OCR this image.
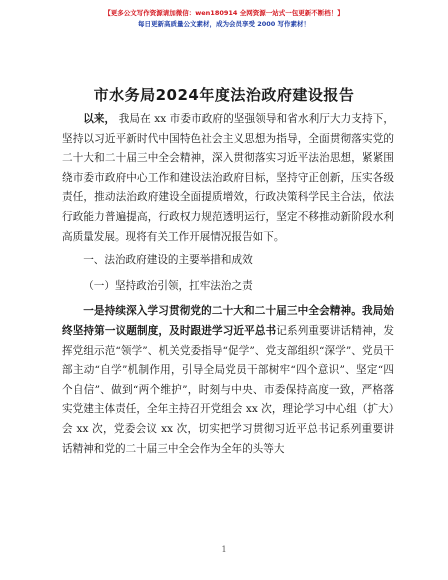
【更多公文写作资源请加微信：wen180914 全网资源一站式一包更新不断档！】
每日更新高质量公文素材，成为会员享受 2000 写作素材！
市水务局2024年度法治政府建设报告

以来， 我局在 xx 市委市政府的坚强领导和省水利厅大力支持下，坚持以习近平新时代中国特色社会主义思想为指导，全面贯彻落实党的二十大和二十届三中全会精神，深入贯彻落实习近平法治思想，紧紧围绕市委市政府中心工作和建设法治政府目标，坚持守正创新，压实各级责任，推动法治政府建设全面提质增效，行政决策科学民主合法，依法行政能力普遍提高，行政权力规范透明运行，坚定不移推动新阶段水利高质量发展。现将有关工作开展情况报告如下。

一、法治政府建设的主要举措和成效

（一）坚持政治引领，扛牢法治之责

一是持续深入学习贯彻党的二十大和二十届三中全会精神。我局始终坚持第一议题制度，及时跟进学习近平总书记系列重要讲话精神，发挥党组示范“领学”、机关党委指导“促学”、党支部组织“深学”、党员干部主动“自学”机制作用，引导全局党员干部树牢“四个意识”、坚定“四个自信”、做到“两个维护”，时刻与中央、市委保持高度一致，严格落实党建主体责任，全年主持召开党组会 xx 次，理论学习中心组（扩大）会 xx 次，党委会议 xx 次，切实把学习贯彻习近平总书记系列重要讲话精神和党的二十届三中全会作为全年的头等大

1
